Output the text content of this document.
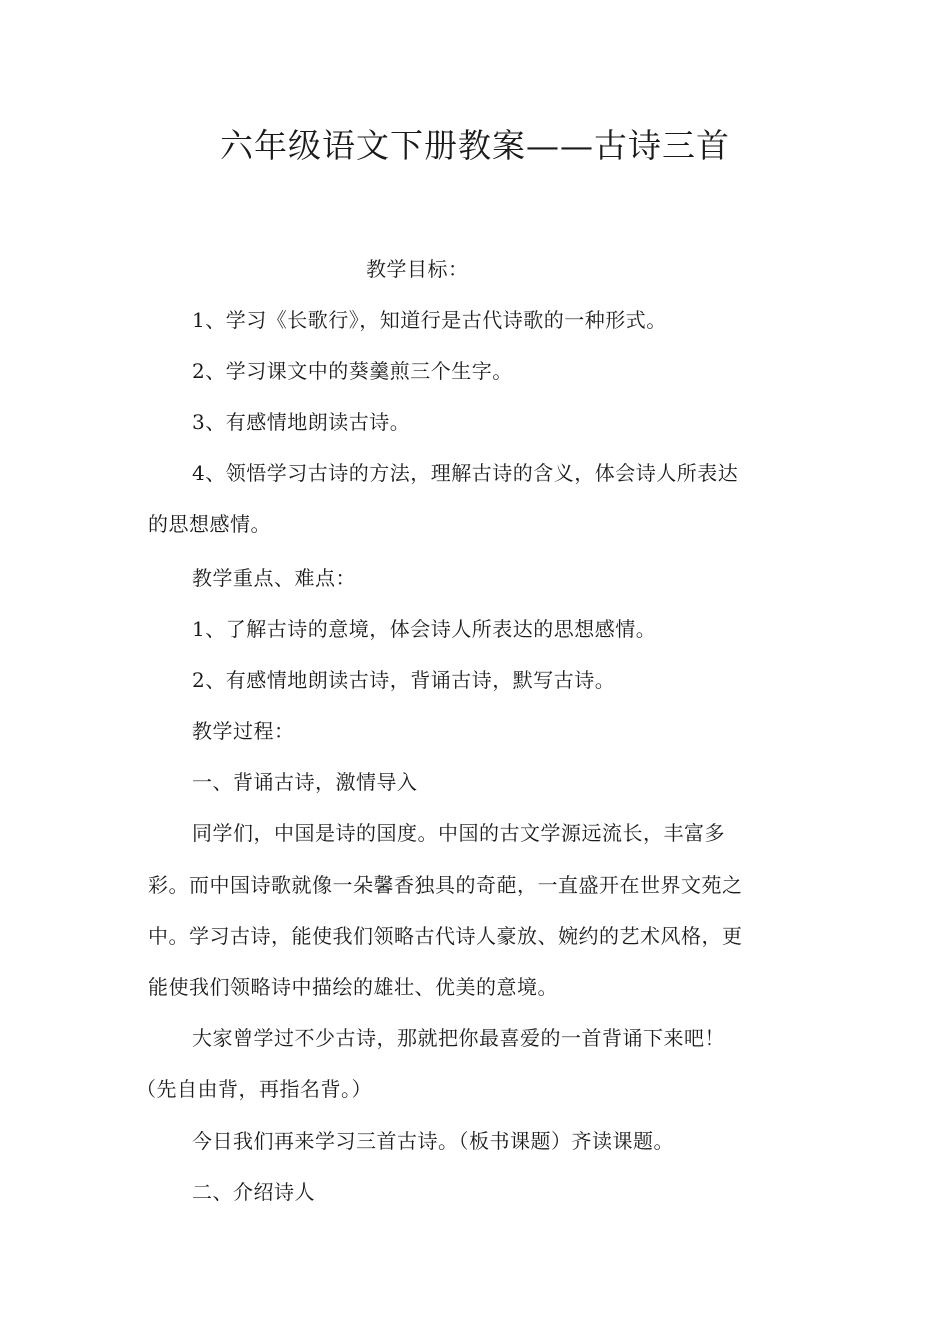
六年级语文下册教案——古诗三首
教学目标：
1、学习《长歌行》，知道行是古代诗歌的一种形式。
2、学习课文中的葵羹煎三个生字。
3、有感情地朗读古诗。
4、领悟学习古诗的方法，理解古诗的含义，体会诗人所表达
的思想感情。
教学重点、难点：
1、了解古诗的意境，体会诗人所表达的思想感情。
2、有感情地朗读古诗，背诵古诗，默写古诗。
教学过程：
一、背诵古诗，激情导入
同学们，中国是诗的国度。中国的古文学源远流长，丰富多
彩。而中国诗歌就像一朵馨香独具的奇葩，一直盛开在世界文苑之
中。学习古诗，能使我们领略古代诗人豪放、婉约的艺术风格，更
能使我们领略诗中描绘的雄壮、优美的意境。
大家曾学过不少古诗，那就把你最喜爱的一首背诵下来吧！
（先自由背，再指名背。）
今日我们再来学习三首古诗。（板书课题）齐读课题。
二、介绍诗人
